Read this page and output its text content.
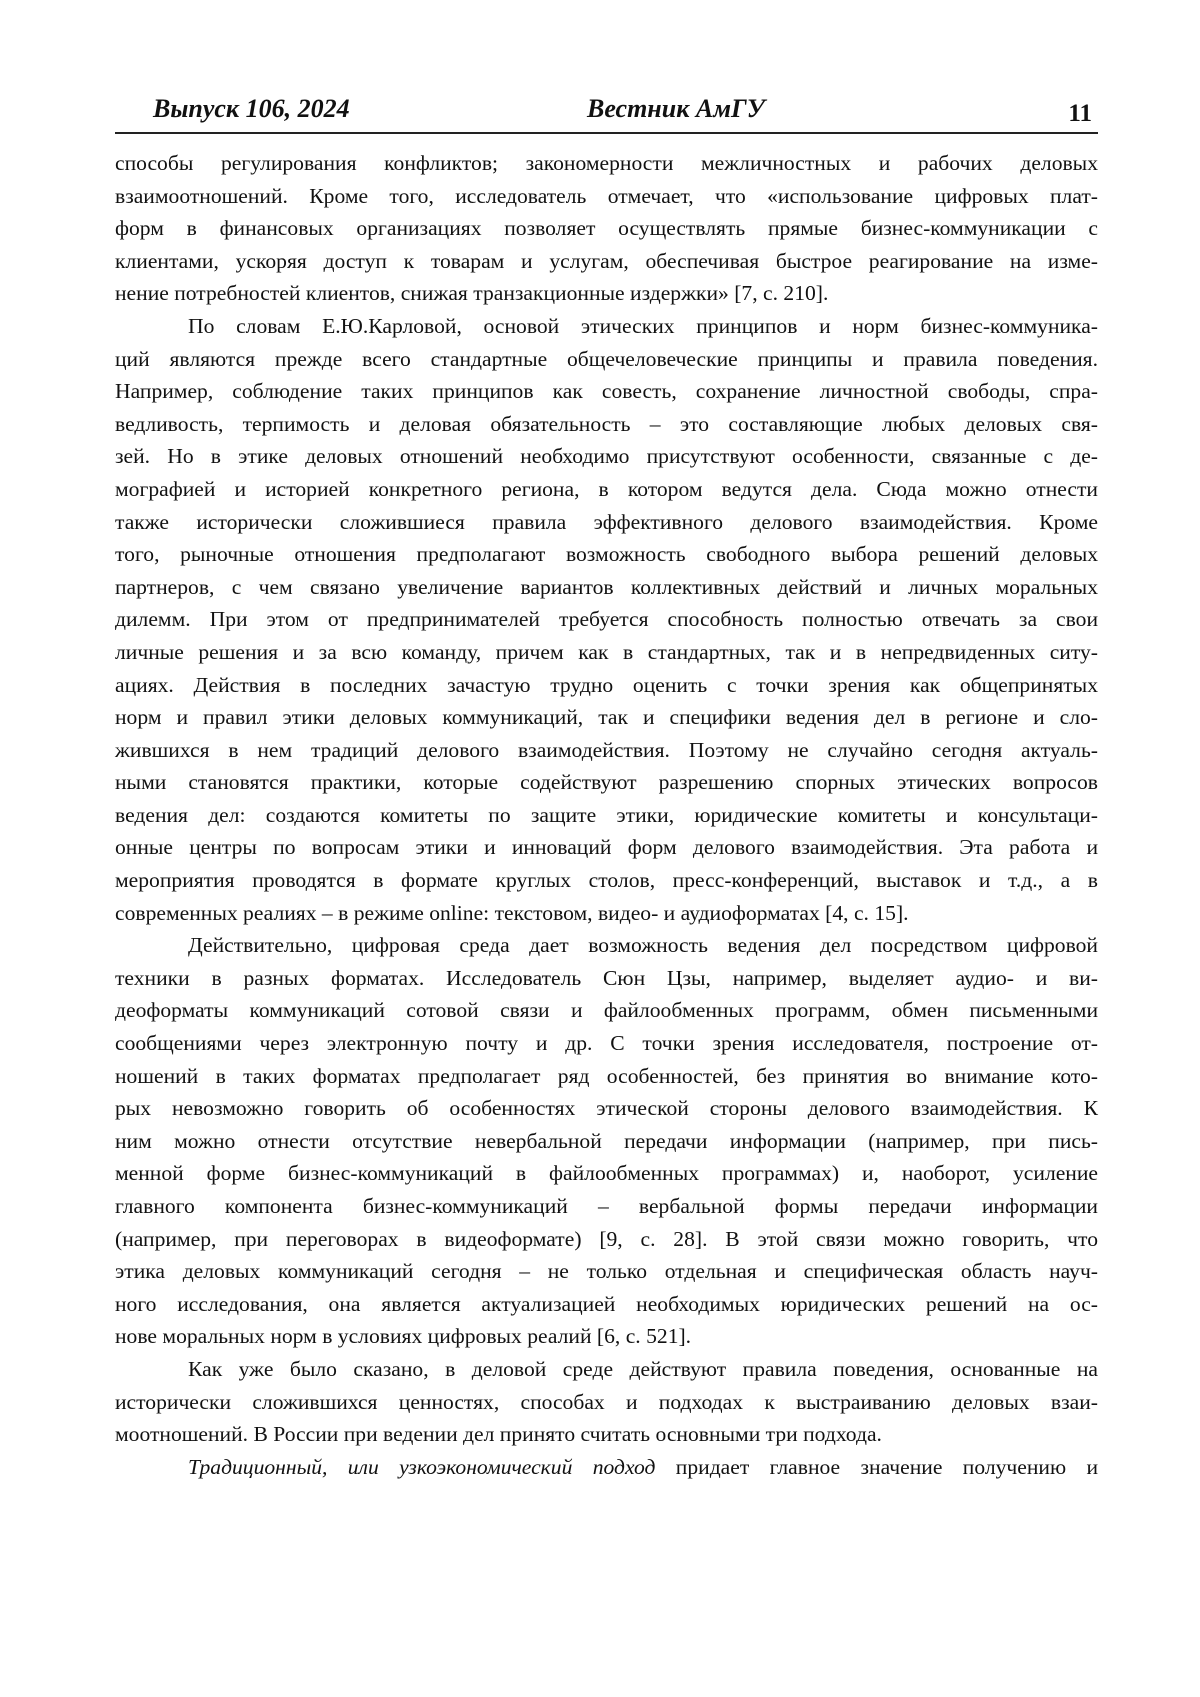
Выпуск 106, 2024	Вестник АмГУ	11
способы регулирования конфликтов; закономерности межличностных и рабочих деловых
взаимоотношений. Кроме того, исследователь отмечает, что «использование цифровых плат-
форм в финансовых организациях позволяет осуществлять прямые бизнес-коммуникации с
клиентами, ускоряя доступ к товарам и услугам, обеспечивая быстрое реагирование на изме-
нение потребностей клиентов, снижая транзакционные издержки» [7, с. 210].
По словам Е.Ю.Карловой, основой этических принципов и норм бизнес-коммуника-
ций являются прежде всего стандартные общечеловеческие принципы и правила поведения.
Например, соблюдение таких принципов как совесть, сохранение личностной свободы, спра-
ведливость, терпимость и деловая обязательность – это составляющие любых деловых свя-
зей. Но в этике деловых отношений необходимо присутствуют особенности, связанные с де-
мографией и историей конкретного региона, в котором ведутся дела. Сюда можно отнести
также исторически сложившиеся правила эффективного делового взаимодействия. Кроме
того, рыночные отношения предполагают возможность свободного выбора решений деловых
партнеров, с чем связано увеличение вариантов коллективных действий и личных моральных
дилемм. При этом от предпринимателей требуется способность полностью отвечать за свои
личные решения и за всю команду, причем как в стандартных, так и в непредвиденных ситу-
ациях. Действия в последних зачастую трудно оценить с точки зрения как общепринятых
норм и правил этики деловых коммуникаций, так и специфики ведения дел в регионе и сло-
жившихся в нем традиций делового взаимодействия. Поэтому не случайно сегодня актуаль-
ными становятся практики, которые содействуют разрешению спорных этических вопросов
ведения дел: создаются комитеты по защите этики, юридические комитеты и консультаци-
онные центры по вопросам этики и инноваций форм делового взаимодействия. Эта работа и
мероприятия проводятся в формате круглых столов, пресс-конференций, выставок и т.д., а в
современных реалиях – в режиме online: текстовом, видео- и аудиоформатах [4, с. 15].
Действительно, цифровая среда дает возможность ведения дел посредством цифровой
техники в разных форматах. Исследователь Сюн Цзы, например, выделяет аудио- и ви-
деоформаты коммуникаций сотовой связи и файлообменных программ, обмен письменными
сообщениями через электронную почту и др. С точки зрения исследователя, построение от-
ношений в таких форматах предполагает ряд особенностей, без принятия во внимание кото-
рых невозможно говорить об особенностях этической стороны делового взаимодействия. К
ним можно отнести отсутствие невербальной передачи информации (например, при пись-
менной форме бизнес-коммуникаций в файлообменных программах) и, наоборот, усиление
главного компонента бизнес-коммуникаций – вербальной формы передачи информации
(например, при переговорах в видеоформате) [9, с. 28]. В этой связи можно говорить, что
этика деловых коммуникаций сегодня – не только отдельная и специфическая область науч-
ного исследования, она является актуализацией необходимых юридических решений на ос-
нове моральных норм в условиях цифровых реалий [6, с. 521].
Как уже было сказано, в деловой среде действуют правила поведения, основанные на
исторически сложившихся ценностях, способах и подходах к выстраиванию деловых взаи-
моотношений. В России при ведении дел принято считать основными три подхода.
Традиционный, или узкоэкономический подход придает главное значение получению и
